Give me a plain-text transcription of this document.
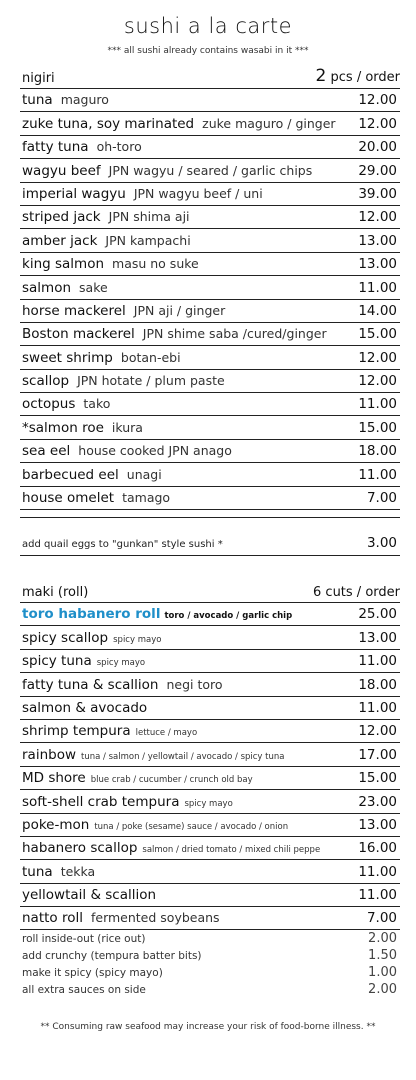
sushi a la carte
*** all sushi already contains wasabi in it ***
nigiri	2 pcs / order
tuna maguro	12.00
zuke tuna, soy marinated zuke maguro / ginger 12.00
fatty tuna oh-toro	20.00
wagyu beef JPN wagyu / seared / garlic chips	29.00
imperial wagyu JPN wagyu beef / uni	39.00
striped jack JPN shima aji	12.00
amber jack JPN kampachi	13.00
king salmon masu no suke	13.00
salmon sake	11.00
horse mackerel JPN aji / ginger	14.00
Boston mackerel JPN shime saba /cured/ginger 15.00
sweet shrimp botan-ebi	12.00
scallop JPN hotate / plum paste	12.00
octopus tako	11.00
*salmon roe ikura	15.00
sea eel house cooked JPN anago	18.00
barbecued eel unagi	11.00
house omelet tamago	7.00
add quail eggs to "gunkan" style sushi *	3.00
maki (roll)	6 cuts / order
toro habanero roll toro / avocado / garlic chip	25.00
spicy scallop spicy mayo	13.00
spicy tuna spicy mayo	11.00
fatty tuna & scallion negi toro	18.00
salmon & avocado	11.00
shrimp tempura lettuce / mayo	12.00
rainbow tuna / salmon / yellowtail / avocado / spicy tuna	17.00
MD shore blue crab / cucumber / crunch old bay	15.00
soft-shell crab tempura spicy mayo	23.00
poke-mon tuna / poke (sesame) sauce / avocado / onion	13.00
habanero scallop salmon / dried tomato / mixed chili peppe	16.00
tuna tekka	11.00
yellowtail & scallion	11.00
natto roll fermented soybeans	7.00
roll inside-out (rice out)	2.00
add crunchy (tempura batter bits)	1.50
make it spicy (spicy mayo)	1.00
all extra sauces on side	2.00
** Consuming raw seafood may increase your risk of food-borne illness. **
